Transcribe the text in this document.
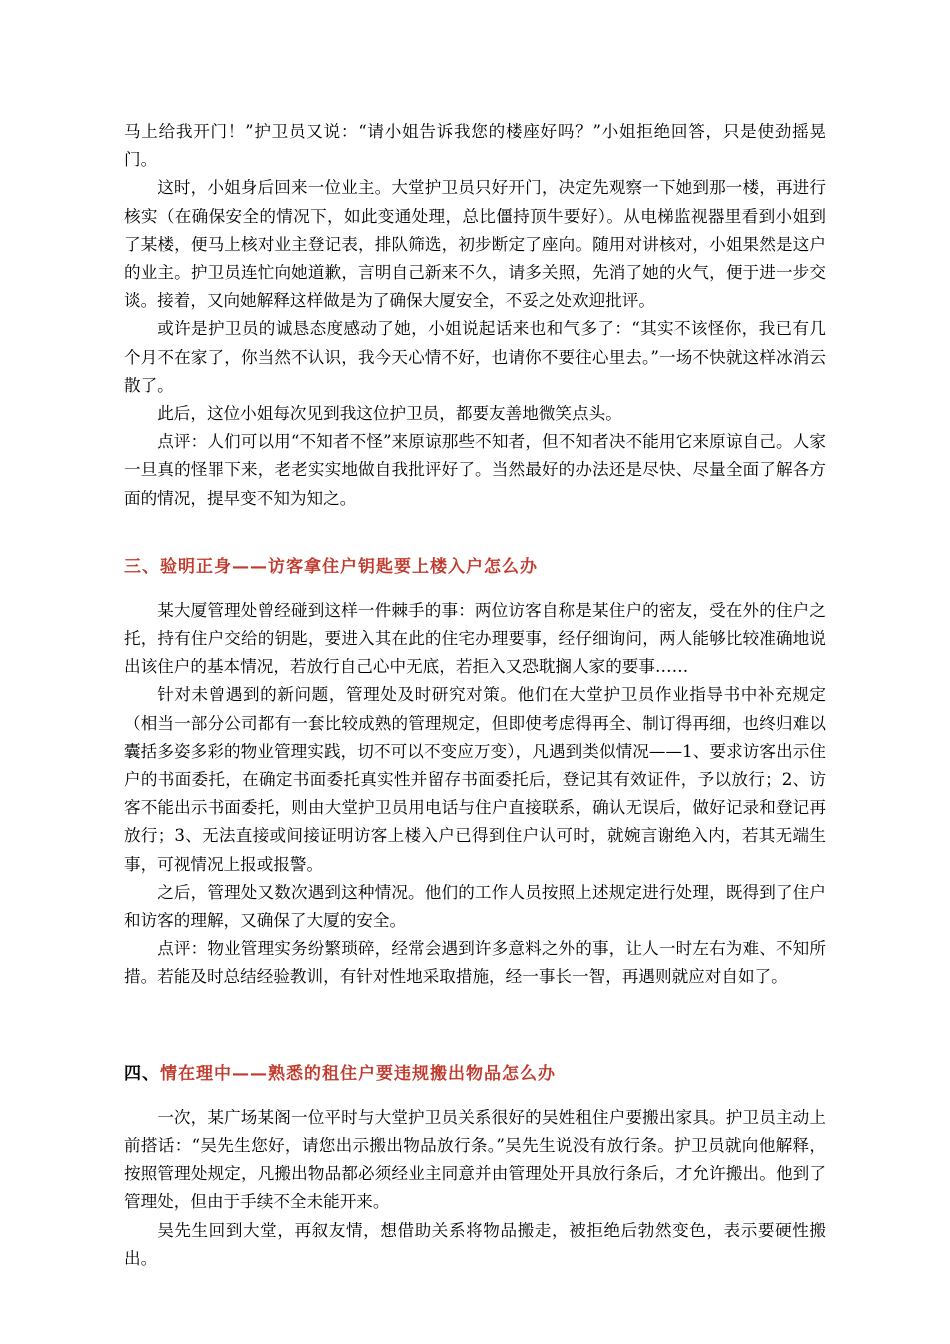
马上给我开门！”护卫员又说：“请小姐告诉我您的楼座好吗？”小姐拒绝回答，只是使劲摇晃门。

这时，小姐身后回来一位业主。大堂护卫员只好开门，决定先观察一下她到那一楼，再进行核实（在确保安全的情况下，如此变通处理，总比僵持顶牛要好）。从电梯监视器里看到小姐到了某楼，便马上核对业主登记表，排队筛选，初步断定了座向。随用对讲核对，小姐果然是这户的业主。护卫员连忙向她道歉，言明自己新来不久，请多关照，先消了她的火气，便于进一步交谈。接着，又向她解释这样做是为了确保大厦安全，不妥之处欢迎批评。

或许是护卫员的诚恳态度感动了她，小姐说起话来也和气多了：“其实不该怪你，我已有几个月不在家了，你当然不认识，我今天心情不好，也请你不要往心里去。”一场不快就这样冰消云散了。

此后，这位小姐每次见到我这位护卫员，都要友善地微笑点头。

点评：人们可以用“不知者不怪”来原谅那些不知者，但不知者决不能用它来原谅自己。人家一旦真的怪罪下来，老老实实地做自我批评好了。当然最好的办法还是尽快、尽量全面了解各方面的情况，提早变不知为知之。

三、验明正身——访客拿住户钥匙要上楼入户怎么办

某大厦管理处曾经碰到这样一件棘手的事：两位访客自称是某住户的密友，受在外的住户之托，持有住户交给的钥匙，要进入其在此的住宅办理要事，经仔细询问，两人能够比较准确地说出该住户的基本情况，若放行自己心中无底，若拒入又恐耽搁人家的要事……

针对未曾遇到的新问题，管理处及时研究对策。他们在大堂护卫员作业指导书中补充规定（相当一部分公司都有一套比较成熟的管理规定，但即使考虑得再全、制订得再细，也终归难以囊括多姿多彩的物业管理实践，切不可以不变应万变），凡遇到类似情况——1、要求访客出示住户的书面委托，在确定书面委托真实性并留存书面委托后，登记其有效证件，予以放行；2、访客不能出示书面委托，则由大堂护卫员用电话与住户直接联系，确认无误后，做好记录和登记再放行；3、无法直接或间接证明访客上楼入户已得到住户认可时，就婉言谢绝入内，若其无端生事，可视情况上报或报警。

之后，管理处又数次遇到这种情况。他们的工作人员按照上述规定进行处理，既得到了住户和访客的理解，又确保了大厦的安全。

点评：物业管理实务纷繁琐碎，经常会遇到许多意料之外的事，让人一时左右为难、不知所措。若能及时总结经验教训，有针对性地采取措施，经一事长一智，再遇则就应对自如了。

四、情在理中——熟悉的租住户要违规搬出物品怎么办

一次，某广场某阁一位平时与大堂护卫员关系很好的吴姓租住户要搬出家具。护卫员主动上前搭话：“吴先生您好，请您出示搬出物品放行条。”吴先生说没有放行条。护卫员就向他解释，按照管理处规定，凡搬出物品都必须经业主同意并由管理处开具放行条后，才允许搬出。他到了管理处，但由于手续不全未能开来。

吴先生回到大堂，再叙友情，想借助关系将物品搬走，被拒绝后勃然变色，表示要硬性搬出。
